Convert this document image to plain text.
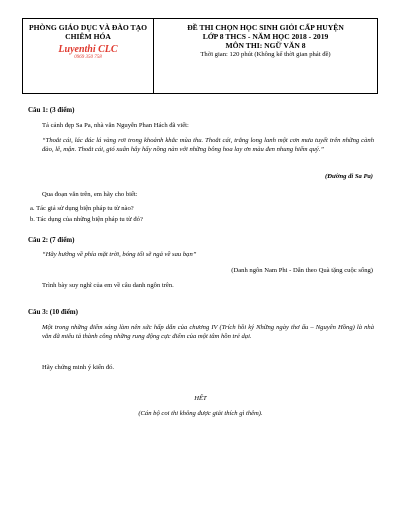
PHÒNG GIÁO DỤC VÀ ĐÀO TẠO
CHIÊM HÓA
Luyenthi CLC
0969 350 758
ĐỀ THI CHỌN HỌC SINH GIỎI CẤP HUYỆN
LỚP 8 THCS - NĂM HỌC 2018 - 2019
MÔN THI: NGỮ VĂN 8
Thời gian: 120 phút (Không kể thời gian phát đề)
Câu 1: (3 điểm)
Tả cảnh đẹp Sa Pa, nhà văn Nguyễn Phan Hách đã viết:
“Thoắt cái, lác đác lá vàng rơi trong khoảnh khắc mùa thu. Thoắt cái, trắng long lanh một cơn mưa tuyết trên những cành đào, lê, mận. Thoắt cái, gió xuân hây hẩy nồng nàn với những bông hoa lay ơn màu đen nhung hiếm quý.”
(Đường đi Sa Pa)
Qua đoạn văn trên, em hãy cho biết:
a. Tác giả sử dụng biện pháp tu từ nào?
b. Tác dụng của những biện pháp tu từ đó?
Câu 2: (7 điểm)
“Hãy hướng về phía mặt trời, bóng tối sẽ ngả về sau bạn”
(Danh ngôn Nam Phi - Dẫn theo Quà tặng cuộc sống)
Trình bày suy nghĩ của em về câu danh ngôn trên.
Câu 3: (10 điểm)
Một trong những điểm sáng làm nên sức hấp dẫn của chương IV (Trích hồi ký Những ngày thơ ấu – Nguyên Hồng) là nhà văn đã miêu tả thành công những rung động cực điểm của một tâm hồn trẻ dại.
Hãy chứng minh ý kiến đó.
HẾT
(Cán bộ coi thi không được giải thích gì thêm).
